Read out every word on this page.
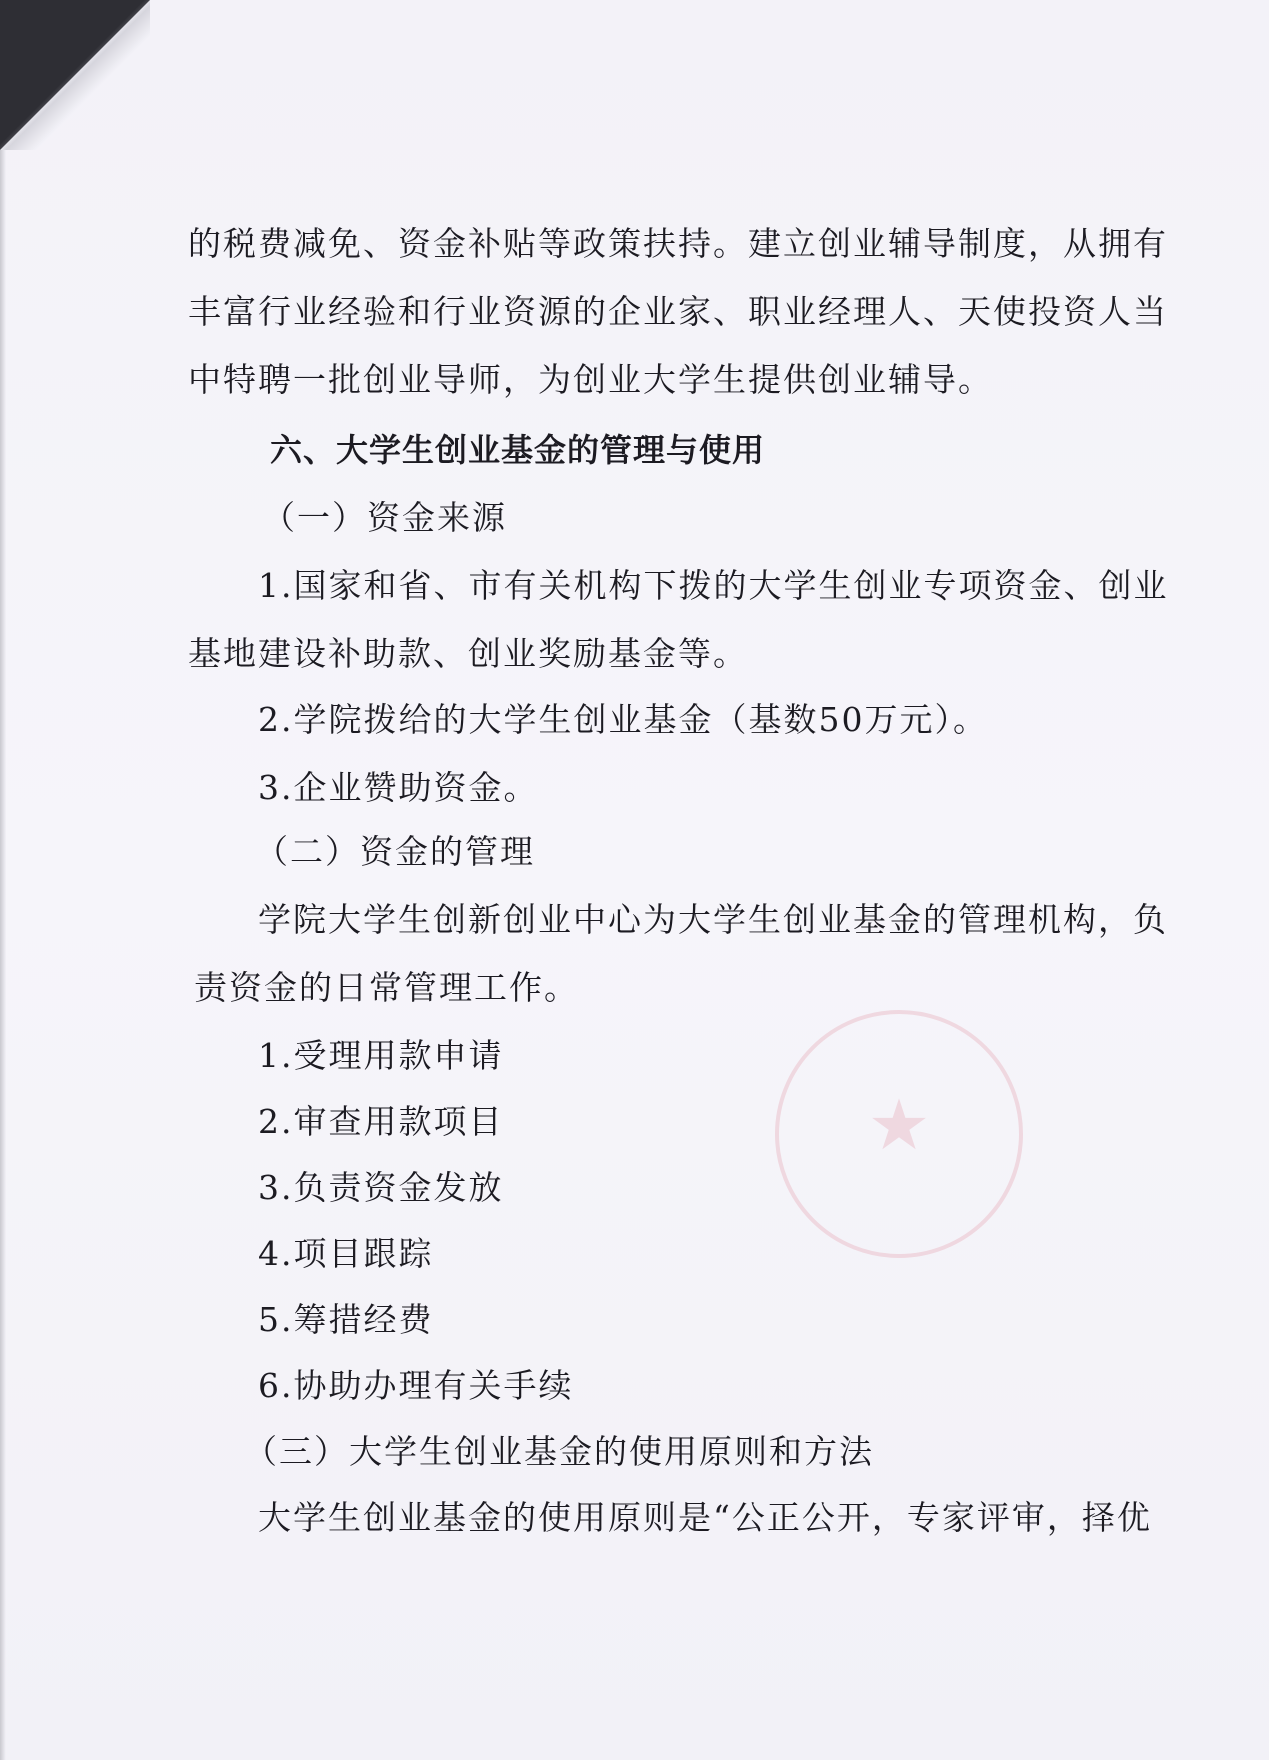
★
的税费减免、资金补贴等政策扶持。建立创业辅导制度，从拥有
丰富行业经验和行业资源的企业家、职业经理人、天使投资人当
中特聘一批创业导师，为创业大学生提供创业辅导。
六、大学生创业基金的管理与使用
（一）资金来源
1.国家和省、市有关机构下拨的大学生创业专项资金、创业
基地建设补助款、创业奖励基金等。
2.学院拨给的大学生创业基金（基数50万元）。
3.企业赞助资金。
（二）资金的管理
学院大学生创新创业中心为大学生创业基金的管理机构，负
责资金的日常管理工作。
1.受理用款申请
2.审查用款项目
3.负责资金发放
4.项目跟踪
5.筹措经费
6.协助办理有关手续
（三）大学生创业基金的使用原则和方法
大学生创业基金的使用原则是“公正公开，专家评审，择优
